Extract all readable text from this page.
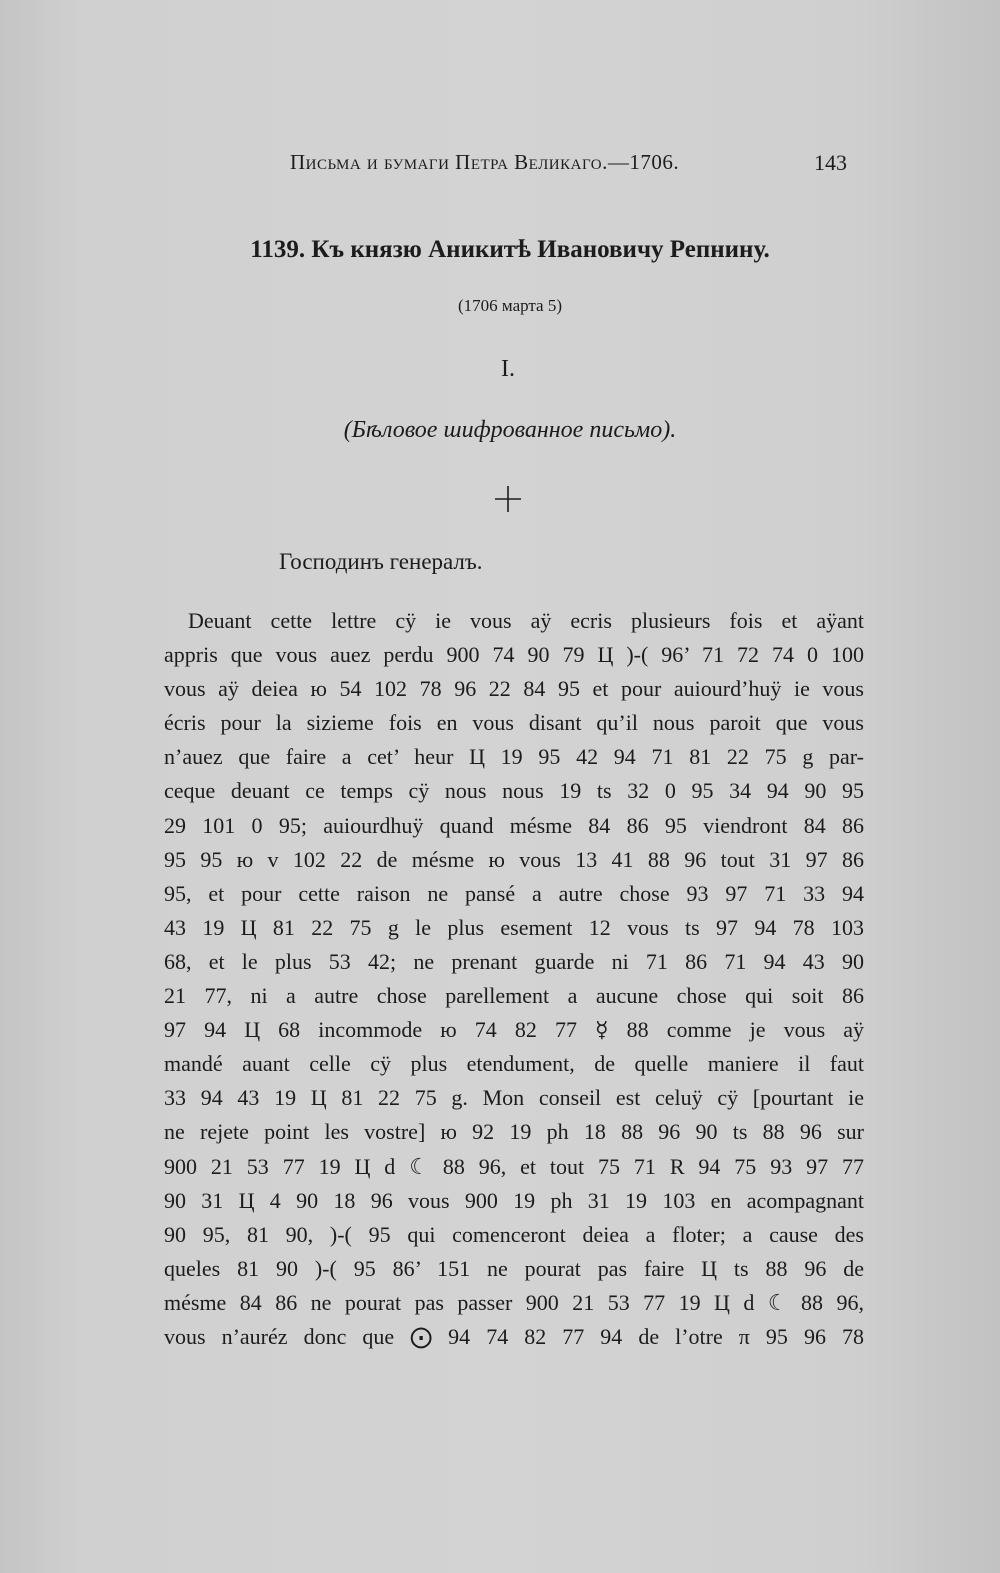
Письма и бумаги Петра Великаго.—1706.	143
1139. Къ князю Аникитѣ Ивановичу Репнину.
(1706 марта 5)
I.
(Бѣловое шифрованное письмо).
Господинъ генералъ.
Deuant cette lettre cÿ ie vous aÿ ecris plusieurs fois et aÿant
appris que vous auez perdu 900 74 90 79 Ц )-( 96’ 71 72 74 0 100
vous aÿ deiea ю 54 102 78 96 22 84 95 et pour auiourd’huÿ ie vous
écris pour la sizieme fois en vous disant qu’il nous paroit que vous
n’auez que faire a cet’ heur Ц 19 95 42 94 71 81 22 75 g par-
ceque deuant ce temps cÿ nous nous 19 ts 32 0 95 34 94 90 95
29 101 0 95; auiourdhuÿ quand mésme 84 86 95 viendront 84 86
95 95 ю v 102 22 de mésme ю vous 13 41 88 96 tout 31 97 86
95, et pour cette raison ne pansé a autre chose 93 97 71 33 94
43 19 Ц 81 22 75 g le plus esement 12 vous ts 97 94 78 103
68, et le plus 53 42; ne prenant guarde ni 71 86 71 94 43 90
21 77, ni a autre chose parellement a aucune chose qui soit 86
97 94 Ц 68 incommode ю 74 82 77 ☿ 88 comme je vous aÿ
mandé auant celle cÿ plus etendument, de quelle maniere il faut
33 94 43 19 Ц 81 22 75 g. Mon conseil est celuÿ cÿ [pourtant ie
ne rejete point les vostre] ю 92 19 ph 18 88 96 90 ts 88 96 sur
900 21 53 77 19 Ц d ☾ 88 96, et tout 75 71 R 94 75 93 97 77
90 31 Ц 4 90 18 96 vous 900 19 ph 31 19 103 en acompagnant
90 95, 81 90, )-( 95 qui comenceront deiea a floter; a cause des
queles 81 90 )-( 95 86’ 151 ne pourat pas faire Ц ts 88 96 de
mésme 84 86 ne pourat pas passer 900 21 53 77 19 Ц d ☾ 88 96,
vous n’auréz donc que ⨀ 94 74 82 77 94 de l’otre π 95 96 78
